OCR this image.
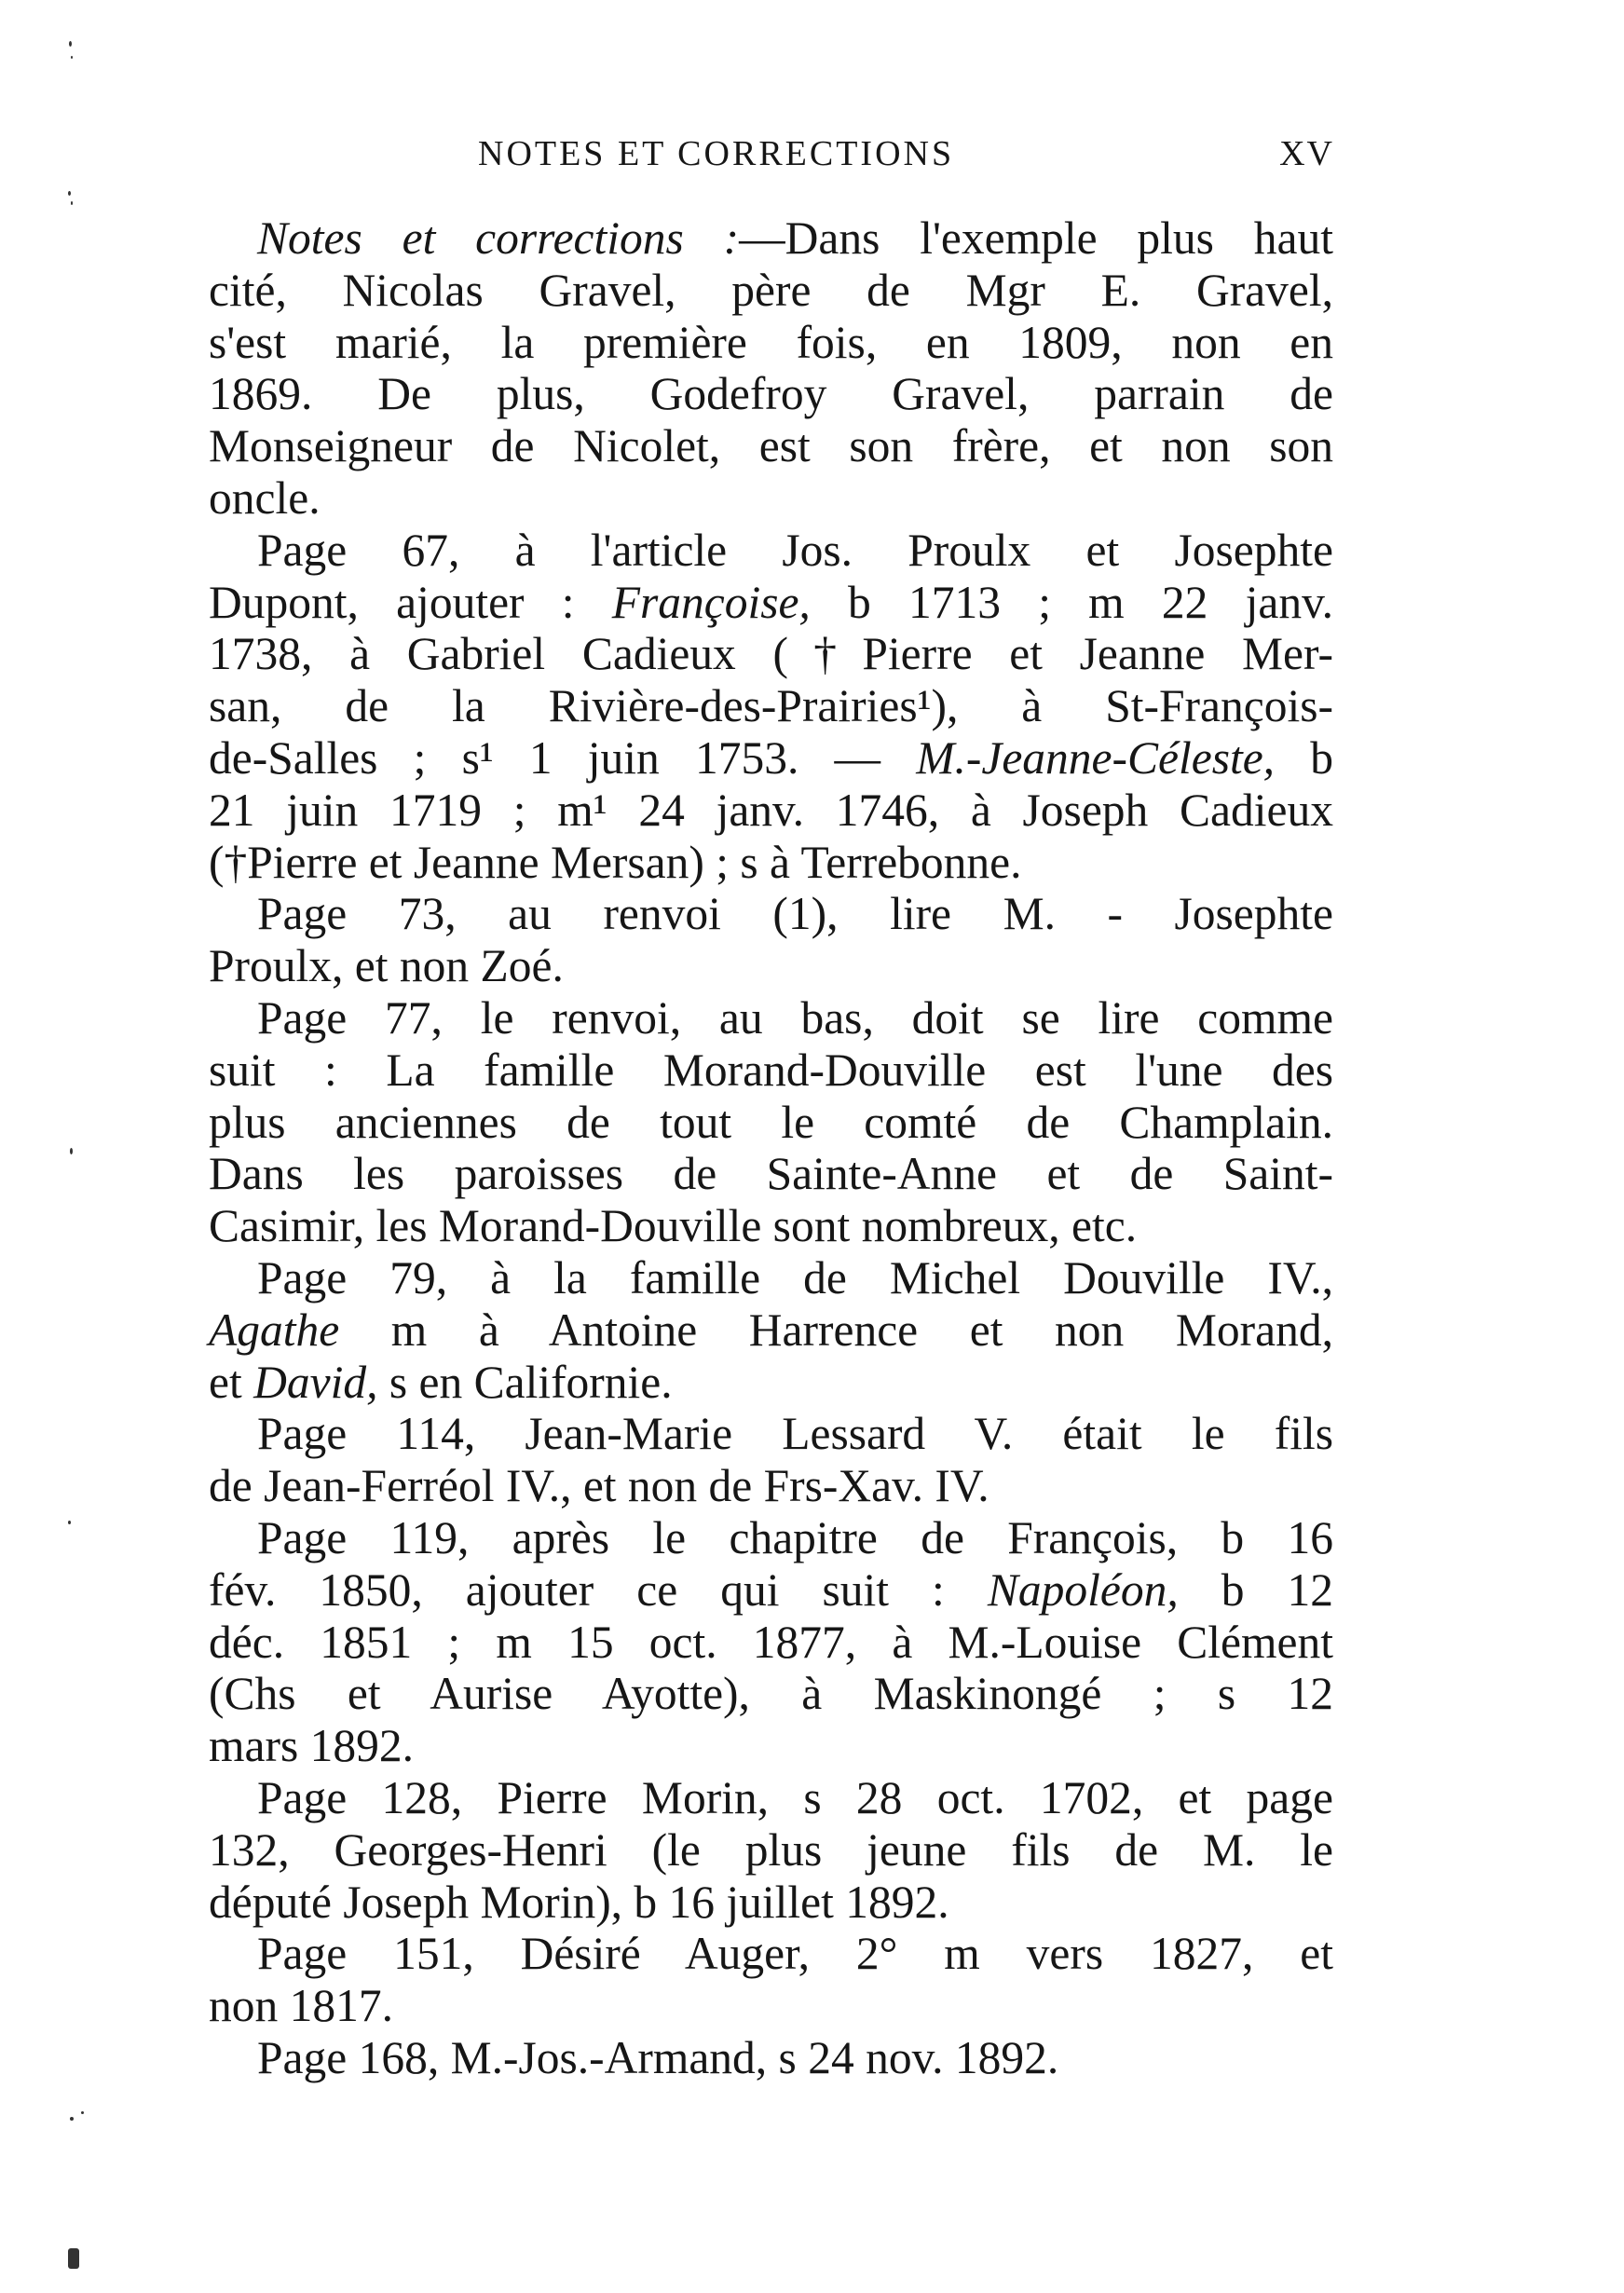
NOTES ET CORRECTIONS	XV
Notes et corrections :—Dans l'exemple plus haut
cité, Nicolas Gravel, père de Mgr E. Gravel,
s'est marié, la première fois, en 1809, non en
1869. De plus, Godefroy Gravel, parrain de
Monseigneur de Nicolet, est son frère, et non son
oncle.
Page 67, à l'article Jos. Proulx et Josephte
Dupont, ajouter : Françoise, b 1713 ; m 22 janv.
1738, à Gabriel Cadieux (†Pierre et Jeanne Mer-
san, de la Rivière-des-Prairies¹), à St-François-
de-Salles ; s¹ 1 juin 1753. — M.-Jeanne-Céleste, b
21 juin 1719 ; m¹ 24 janv. 1746, à Joseph Cadieux
(†Pierre et Jeanne Mersan) ; s à Terrebonne.
Page 73, au renvoi (1), lire M. - Josephte
Proulx, et non Zoé.
Page 77, le renvoi, au bas, doit se lire comme
suit : La famille Morand-Douville est l'une des
plus anciennes de tout le comté de Champlain.
Dans les paroisses de Sainte-Anne et de Saint-
Casimir, les Morand-Douville sont nombreux, etc.
Page 79, à la famille de Michel Douville IV.,
Agathe m à Antoine Harrence et non Morand,
et David, s en Californie.
Page 114, Jean-Marie Lessard V. était le fils
de Jean-Ferréol IV., et non de Frs-Xav. IV.
Page 119, après le chapitre de François, b 16
fév. 1850, ajouter ce qui suit : Napoléon, b 12
déc. 1851 ; m 15 oct. 1877, à M.-Louise Clément
(Chs et Aurise Ayotte), à Maskinongé ; s 12
mars 1892.
Page 128, Pierre Morin, s 28 oct. 1702, et page
132, Georges-Henri (le plus jeune fils de M. le
député Joseph Morin), b 16 juillet 1892.
Page 151, Désiré Auger, 2° m vers 1827, et
non 1817.
Page 168, M.-Jos.-Armand, s 24 nov. 1892.
